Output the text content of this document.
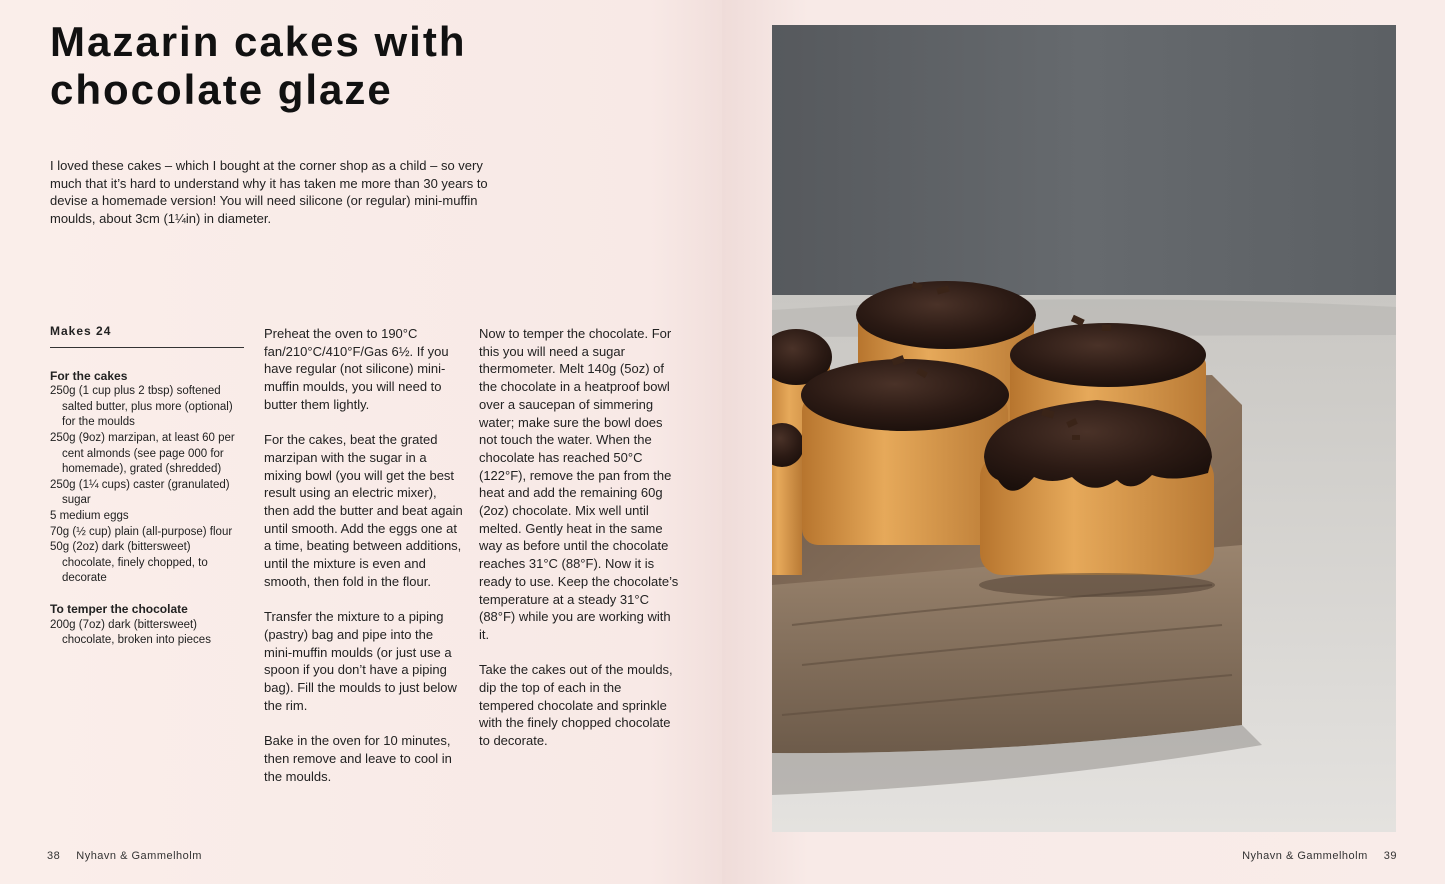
Mazarin cakes with chocolate glaze

I loved these cakes – which I bought at the corner shop as a child – so very much that it’s hard to understand why it has taken me more than 30 years to devise a homemade version! You will need silicone (or regular) mini-muffin moulds, about 3cm (1¼in) in diameter.

Makes 24
For the cakes
250g (1 cup plus 2 tbsp) softened salted butter, plus more (optional) for the moulds
250g (9oz) marzipan, at least 60 per cent almonds (see page 000 for homemade), grated (shredded)
250g (1¼ cups) caster (granulated) sugar
5 medium eggs
70g (½ cup) plain (all-purpose) flour
50g (2oz) dark (bittersweet) chocolate, finely chopped, to decorate
To temper the chocolate
200g (7oz) dark (bittersweet) chocolate, broken into pieces

Preheat the oven to 190°C fan/210°C/410°F/Gas 6½. If you have regular (not silicone) mini-muffin moulds, you will need to butter them lightly.

For the cakes, beat the grated marzipan with the sugar in a mixing bowl (you will get the best result using an electric mixer), then add the butter and beat again until smooth. Add the eggs one at a time, beating between additions, until the mixture is even and smooth, then fold in the flour.

Transfer the mixture to a piping (pastry) bag and pipe into the mini-muffin moulds (or just use a spoon if you don’t have a piping bag). Fill the moulds to just below the rim.

Bake in the oven for 10 minutes, then remove and leave to cool in the moulds.

Now to temper the chocolate. For this you will need a sugar thermometer. Melt 140g (5oz) of the chocolate in a heatproof bowl over a saucepan of simmering water; make sure the bowl does not touch the water. When the chocolate has reached 50°C (122°F), remove the pan from the heat and add the remaining 60g (2oz) chocolate. Mix well until melted. Gently heat in the same way as before until the chocolate reaches 31°C (88°F). Now it is ready to use. Keep the chocolate’s temperature at a steady 31°C (88°F) while you are working with it.

Take the cakes out of the moulds, dip the top of each in the tempered chocolate and sprinkle with the finely chopped chocolate to decorate.

38 Nyhavn & Gammelholm	Nyhavn & Gammelholm 39
